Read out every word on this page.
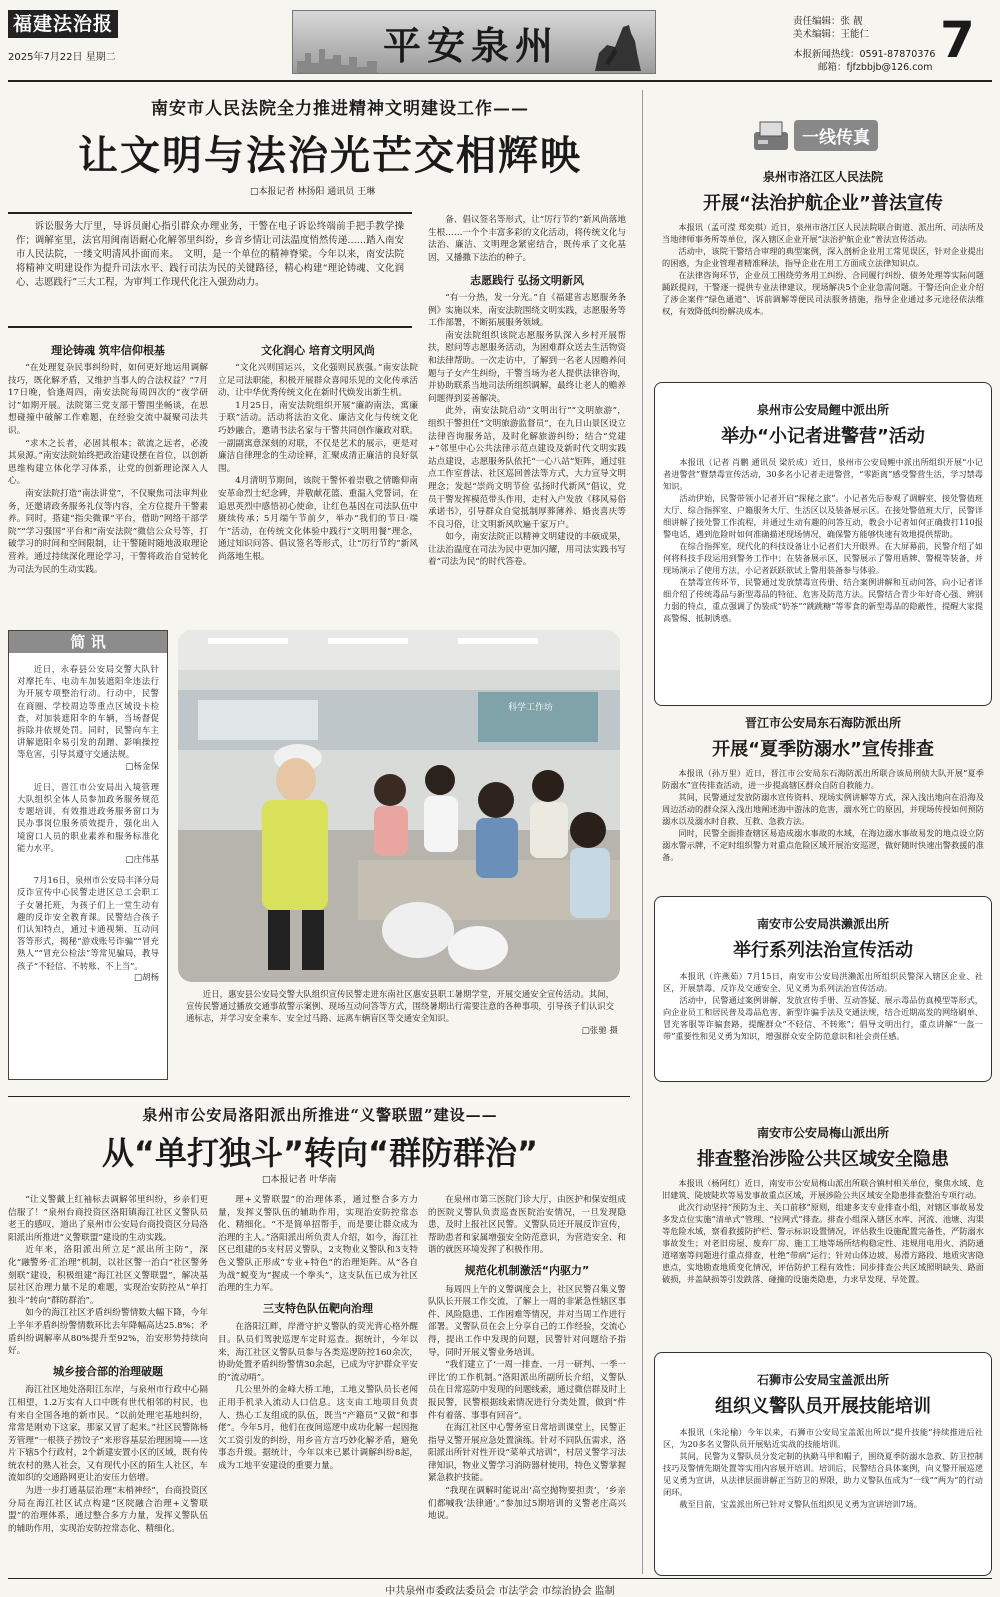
福建法治报
2025年7月22日 星期二	平安泉州
责任编辑：张 靓
美术编辑：王能仁
本报新闻热线：0591-87870376
邮箱：fjfzbbjb@126.com 7
南安市人民法院全力推进精神文明建设工作——
让文明与法治光芒交相辉映
□本报记者 林扬阳 通讯员 王琳
诉讼服务大厅里，导诉员耐心指引群众办理业务，干警在电子诉讼终端前手把手教学操作；调解室里，法官用闽南语耐心化解邻里纠纷，乡音乡情让司法温度悄然传递……踏入南安市人民法院，一缕文明清风扑面而来。　文明，是一个单位的精神脊梁。今年以来，南安法院将精神文明建设作为提升司法水平、践行司法为民的关键路径，精心构建“理论铸魂、文化润心、志愿践行”三大工程，为审判工作现代化注入强劲动力。
备、倡议签名等形式，让“厉行节约”新风尚落地生根……一个个丰富多彩的文化活动，将传统文化与法治、廉洁、文明理念紧密结合，既传承了文化基因，又播撒下法治的种子。
理论铸魂 筑牢信仰根基

“在处理复杂民事纠纷时，如何更好地运用调解技巧，既化解矛盾，又维护当事人的合法权益？”7月17日晚，恰逢周四，南安法院每周四次的“夜学研讨”如期开展。法院第三党支部干警围坐畅谈，在思想碰撞中破解工作难题，在经验交流中凝聚司法共识。

“求木之长者，必固其根本；欲流之远者，必浚其泉源。”南安法院始终把政治建设摆在首位，以创新思维构建立体化学习体系，让党的创新理论深入人心。

南安法院打造“南法讲堂”，不仅聚焦司法审判业务，还邀请政务服务礼仪等内容，全方位提升干警素养。同时，搭建“指尖微课”平台，借助“网络干部学院”“学习强国”平台和“南安法院”微信公众号等，打破学习的时间和空间限制，让干警随时随地汲取理论营养。通过持续深化理论学习，干警将政治自觉转化为司法为民的生动实践。

文化润心 培育文明风尚

“文化兴则国运兴，文化强则民族强。”南安法院立足司法职能，积极开展群众喜闻乐见的文化传承活动，让中华优秀传统文化在新时代焕发出新生机。

1月25日，南安法院组织开展“廉韵南法，寓廉于联”活动。活动将法治文化、廉洁文化与传统文化巧妙融合，邀请书法名家与干警共同创作廉政对联。一副副寓意深刻的对联，不仅是艺术的展示，更是对廉洁自律理念的生动诠释，汇聚成清正廉洁的良好氛围。

4月清明节期间，该院干警怀着崇敬之情瞻仰南安革命烈士纪念碑，并敬献花篮、重温入党誓词，在追思英烈中感悟初心使命，让红色基因在司法队伍中赓续传承；5月端午节前夕，举办“我们的节日·端午”活动，在传统文化体验中践行“文明用餐”理念，通过知识问答、倡议签名等形式，让“厉行节约”新风尚落地生根。

志愿践行 弘扬文明新风

“有一分热，发一分光。”自《福建省志愿服务条例》实施以来，南安法院围绕文明实践，志愿服务等工作部署，不断拓展服务领域。

南安法院组织该院志愿服务队深入乡村开展帮扶，慰问等志愿服务活动，为困难群众送去生活物资和法律帮助。一次走访中，了解到一名老人因赡养问题与子女产生纠纷，干警当场为老人提供法律咨询，并协助联系当地司法所组织调解，最终让老人的赡养问题得到妥善解决。

此外，南安法院启动“文明出行”“文明旅游”，组织干警担任“文明旅游监督员”，在九日山景区设立法律咨询服务站，及时化解旅游纠纷；结合“党建+”邻里中心公共法律示范点建设及新时代文明实践站点建设，志愿服务队依托“一心八站”矩阵，通过驻点工作室普法、社区巡回普法等方式，大力宣导文明理念；发起“崇尚文明节俭 弘扬时代新风”倡议，党员干警发挥模范带头作用，走村入户发放《移风易俗承诺书》，引导群众自觉抵制厚葬薄养、婚丧喜庆等不良习俗，让文明新风吹遍千家万户。

如今，南安法院正以精神文明建设的丰硕成果，让法治温度在司法为民中更加闪耀，用司法实践书写着“司法为民”的时代答卷。

科学工作坊
近日，惠安县公安局交警大队组织宣传民警走进东南社区惠安县职工暑期学堂，开展交通安全宣传活动。其间，宣传民警通过播放交通事故警示案例、现场互动问答等方式，围绕暑期出行需要注意的各种事项，引导孩子们认识交通标志，并学习安全乘车、安全过马路、远离车辆盲区等交通安全知识。
□张驰 摄
简 讯

近日，永春县公安局交警大队针对摩托车、电动车加装遮阳伞违法行为开展专项整治行动。行动中，民警在商圈、学校周边等重点区域设卡检查，对加装遮阳伞的车辆，当场督促拆除并依规处罚。同时，民警向车主讲解遮阳伞易引发的刮蹭、影响操控等危害，引导其遵守交通法规。

□杨金保

近日，晋江市公安局出入境管理大队组织全体人员参加政务服务规范专题培训，有效推进政务服务窗口为民办事岗位服务质效提升，强化出入境窗口人员的职业素养和服务标准化能力水平。

□庄伟基

7月16日，泉州市公安局丰泽分局反诈宣传中心民警走进区总工会职工子女暑托班，为孩子们上一堂生动有趣的反诈安全教育课。民警结合孩子们认知特点，通过卡通视频、互动问答等形式，揭秘“游戏账号诈骗”“冒充熟人”“冒充公检法”等常见骗局，教导孩子“不轻信、不转账、不上当”。

□胡杨
泉州市公安局洛阳派出所推进“义警联盟”建设——
从“单打独斗”转向“群防群治”
□本报记者 叶华南

“让义警戴上红袖标去调解邻里纠纷，乡亲们更信服了！”泉州台商投资区洛阳镇海江社区义警队员老王的感叹，道出了泉州市公安局台商投资区分局洛阳派出所推进“义警联盟”建设的生动实践。

近年来，洛阳派出所立足“派出所主防”，深化“融警务·汇治理”机制，以社区警一治白“社区警务刻联”建设，积极组建“海江社区义警联盟”，解决基层社区治理力量不足的难题，实现治安防控从“单打独斗”转向“群防群治”。

如今的海江社区矛盾纠纷警情数大幅下降，今年上半年矛盾纠纷警情数环比去年降幅高达25.8%；矛盾纠纷调解率从80%提升至92%，治安形势持续向好。

城乡接合部的治理破题

海江社区地处洛阳江东岸，与泉州市行政中心隔江相望，1.2万实有人口中既有世代相邻的村民，也有来自全国各地的新市民。“以前处理宅基地纠纷，常常是刚劝下这家，那家又冒了起来。”社区民警陈杨芳管理“一根筷子捞饺子”来形容基层治理困境——这片下辖5个行政村，2个新建安置小区的区域，既有传统农村的熟人社会，又有现代小区的陌生人社区，车流如织的交通路网更让治安压力倍增。

为进一步打通基层治理“末梢神经”，台商投资区分局在海江社区试点构建“区院融合治理+义警联盟”的治理体系，通过整合多方力量，发挥义警队伍的辅助作用，实现治安防控常态化、精细化。

理+义警联盟”的治理体系，通过整合多方力量，发挥义警队伍的辅助作用，实现治安防控常态化、精细化。“不是简单招帮手，而是要让群众成为治理的主人。”洛阳派出所负责人介绍，如今，海江社区已组建的5支村居义警队，2支物业义警队和3支特色义警队正形成“专业+特色”的治理矩阵。从“各自为战”蜕变为“握成一个拳头”，这支队伍已成为社区治理的生力军。

三支特色队伍靶向治理

在洛阳江畔，岸滑守护义警队的荧光背心格外醒目。队员们驾驶巡逻车定时巡查。据统计，今年以来，海江社区义警队员参与各类巡逻防控160余次，协助处置矛盾纠纷警情30余起，已成为守护群众平安的“流动哨”。

几公里外的金峰大桥工地，工地义警队员长老闻正用手机录入流动人口信息。这支由工地项目负责人、热心工友组成的队伍，既当“产籍员”又做“和事佬”。今年5月，他们在夜间巡逻中成功化解一起因拖欠工资引发的纠纷，用乡音方言巧妙化解矛盾，避免事态升级。据统计，今年以来已累计调解纠纷8起，成为工地平安建设的重要力量。

在泉州市第三医院门诊大厅，由医护和保安组成的医院义警队负责巡查医院治安情况，一旦发现隐患，及时上报社区民警。义警队员还开展反诈宣传，帮助患者和家属增强安全防范意识，为营造安全、和谐的就医环境发挥了积极作用。

规范化机制激活“内驱力”

每周四上午的义警调度会上，社区民警召集义警队队长开展工作交流，了解上一周的非紧急性辖区事件、风险隐患、工作困难等情况，并对当周工作进行部署。义警队员在会上分享自己的工作经验，交流心得，提出工作中发现的问题，民警针对问题给予指导，同时开展义警业务培训。

“我们建立了‘一周一排查、一月一研判、一季一评比’的工作机制。”洛阳派出所副所长介绍，义警队员在日常巡防中发现的问题线索，通过微信群及时上报民警，民警根据线索情况进行分类处置，做到“件件有着落、事事有回音”。

在海江社区中心警务室日常培训课堂上，民警正指导义警开展应急处置演练。针对不同队伍需求，洛阳派出所针对性开设“菜单式培训”，村居义警学习法律知识，物业义警学习消防器材使用，特色义警掌握紧急救护技能。

“我现在调解时能说出‘高空抛物要担责’，‘乡亲们都喊我‘法律通’。”参加过5期培训的义警老庄高兴地说。

一线传真
泉州市洛江区人民法院
开展“法治护航企业”普法宣传

本报讯（孟可滢 郑奕琪）近日，泉州市洛江区人民法院联合街道、派出所、司法所及当地律师事务所等单位，深入辖区企业开展“法治护航企业”普法宣传活动。

活动中，该院干警结合审理的典型案例，深入剖析企业用工常见误区，针对企业提出的困惑，为企业管理者精准释法，指导企业在用工方面成立法律知识点。

在法律咨询环节，企业员工围绕劳务用工纠纷、合同履行纠纷、债务处理等实际问题踊跃提问，干警逐一提供专业法律建议，现场解决5个企业急需问题。干警还向企业介绍了涉企案件“绿色通道”、诉前调解等便民司法服务措施，指导企业通过多元途径依法维权，有效降低纠纷解决成本。

泉州市公安局鲤中派出所
举办“小记者进警营”活动

本报讯（记者 肖鹏 通讯员 梁於成）近日，泉州市公安局鲤中派出所组织开展“小记者进警营”暨禁毒宣传活动，30多名小记者走进警营，“零距离”感受警营生活，学习禁毒知识。

活动伊始，民警带领小记者开启“探秘之旅”。小记者先后参观了调解室、接处警值班大厅、综合指挥室、户籍服务大厅、生活区以及装备展示区。在接处警值班大厅，民警详细讲解了接处警工作流程，并通过生动有趣的问答互动，教会小记者如何正确拨打110报警电话，遇到危险时如何准确描述现场情况，确保警方能够快速有效地提供帮助。

在综合指挥室，现代化的科技设备让小记者们大开眼界。在大屏幕前，民警介绍了如何将科技手段运用到警务工作中；在装备展示区，民警展示了警用盾牌、警棍等装备，并现场演示了使用方法，小记者跃跃欲试上警用装备参与体验。

在禁毒宣传环节，民警通过发放禁毒宣传册、结合案例讲解和互动问答，向小记者详细介绍了传统毒品与新型毒品的特征、危害及防范方法。民警结合青少年好奇心强、辨别力弱的特点，重点强调了伪装成“奶茶”“跳跳糖”等零食的新型毒品的隐蔽性，提醒大家提高警惕、抵制诱惑。

晋江市公安局东石海防派出所
开展“夏季防溺水”宣传排查

本报讯（孙万里）近日，晋江市公安局东石海防派出所联合该局刑侦大队开展“夏季防溺水”宣传排查活动，进一步提高辖区群众自防自救能力。

其间，民警通过发放防溺水宣传资料、现场实例讲解等方式，深入浅出地向在沿海及周边活动的群众深入浅出地阐述海中游泳的危害，溺水死亡的原因，并现场传授如何预防溺水以及溺水时自救、互救、急救方法。

同时，民警全面排查辖区易造成溺水事故的水域，在海边溺水事故易发的地点设立防溺水警示牌，不定时组织警力对重点危险区域开展治安巡逻，做好随时快速出警救援的准备。

南安市公安局洪濑派出所
举行系列法治宣传活动

本报讯（许燕茹）7月15日，南安市公安局洪濑派出所组织民警深入辖区企业、社区，开展禁毒、反诈及交通安全、见义勇为系列法治宣传活动。

活动中，民警通过案例讲解、发放宣传手册、互动答疑、展示毒品仿真模型等形式，向企业员工和居民普及毒品危害、新型诈骗手法及交通法规，结合近期高发的网络刷单、冒充客服等诈骗套路，提醒群众“不轻信、不转账”；倡导文明出行，重点讲解“一盔一带”重要性和见义勇为知识，增强群众安全防范意识和社会责任感。

南安市公安局梅山派出所
排查整治涉险公共区域安全隐患

本报讯（杨阿红）近日，南安市公安局梅山派出所联合镇村相关单位，聚焦水域、危旧建筑、陡坡陡坎等易发事故重点区域，开展涉险公共区域安全隐患排查整治专项行动。

此次行动坚持“预防为主、关口前移”原则，组建多支专业排查小组，对辖区事故易发多发点位实施“清单式”管理、“拉网式”排查。排查小组深入辖区水库、河流、池塘、沟渠等危险水域，察看救援防护栏、警示标识设置情况，评估救生设施配置完备性，严防溺水事故发生；对老旧房屋、废弃厂房、施工工地等场所结构稳定性、违规用电用火、消防通道堵塞等问题进行重点排查，杜绝“带病”运行；针对山体边坡、易滑方路段、地质灾害隐患点，实地勘查地质变化情况，评估防护工程有效性；同步排查公共区域照明缺失、路面破损，井盖缺损等引发跌落、碰撞的设施类隐患，力求早发现、早处置。

石狮市公安局宝盖派出所
组织义警队员开展技能培训

本报讯（朱沦榆）今年以来，石狮市公安局宝盖派出所以“提升技能”持续推进后社区，为20多名义警队员开展贴近实战的技能培训。

其间，民警为义警队员分发定制的执勤马甲和帽子，围绕夏季防溺水急救、防卫控制技巧及警情先期处置等实用内容展开培训。培训后，民警结合具体案例，向义警开展巡逻见义勇为宣讲，从法律层面讲解正当防卫的界限，助力义警队伍成为“一线”“两为”的行动闭环。

截至目前，宝盖派出所已针对义警队伍组织见义勇为宣讲培训7场。

中共泉州市委政法委员会 市法学会 市综治协会 监制
